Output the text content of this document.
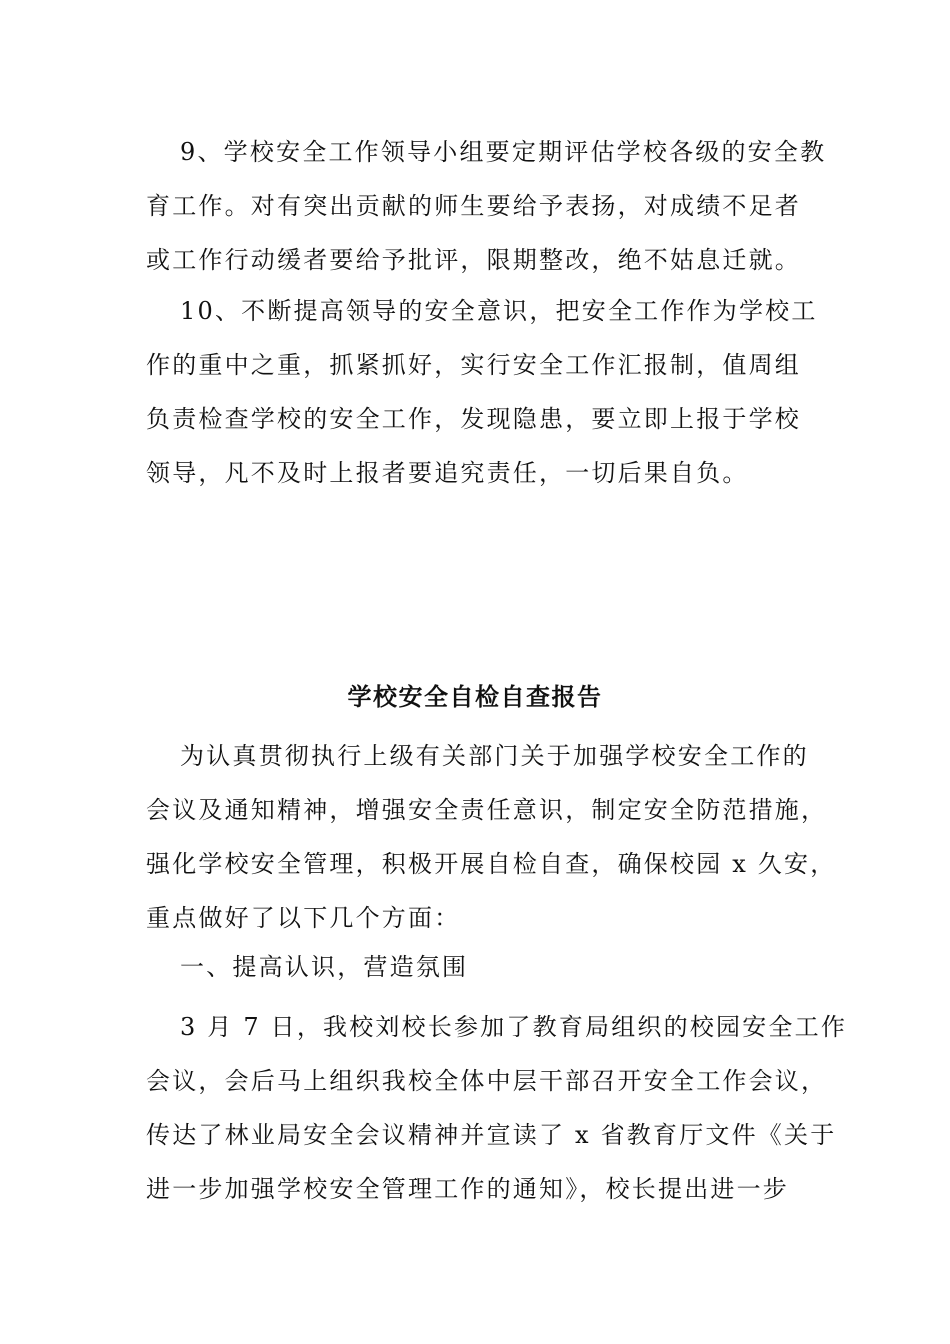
9、学校安全工作领导小组要定期评估学校各级的安全教
育工作。对有突出贡献的师生要给予表扬，对成绩不足者
或工作行动缓者要给予批评，限期整改，绝不姑息迁就。
10、不断提高领导的安全意识，把安全工作作为学校工
作的重中之重，抓紧抓好，实行安全工作汇报制，值周组
负责检查学校的安全工作，发现隐患，要立即上报于学校
领导，凡不及时上报者要追究责任，一切后果自负。
学校安全自检自查报告
为认真贯彻执行上级有关部门关于加强学校安全工作的
会议及通知精神，增强安全责任意识，制定安全防范措施，
强化学校安全管理，积极开展自检自查，确保校园 x 久安，
重点做好了以下几个方面：
一、提高认识，营造氛围
3 月 7 日，我校刘校长参加了教育局组织的校园安全工作
会议，会后马上组织我校全体中层干部召开安全工作会议，
传达了林业局安全会议精神并宣读了 x 省教育厅文件《关于
进一步加强学校安全管理工作的通知》，校长提出进一步
